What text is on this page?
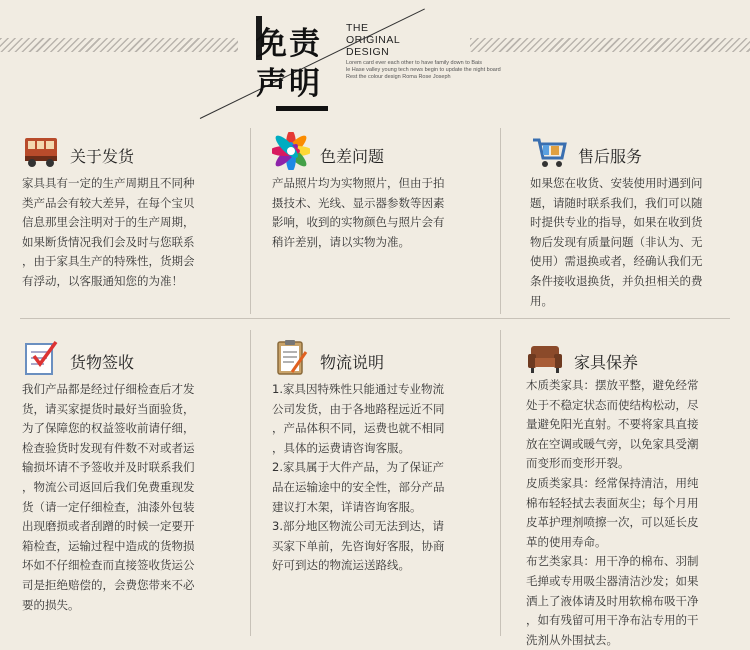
免责
声明
THE
ORIGINAL
DESIGN
Lorem card ever each other to have family down to Bais
le Hase valley young tech news begin to update the night board
Rest the colour design Roma Rose Joseph
关于发货
家具具有一定的生产周期且不同种
类产品会有较大差异，在每个宝贝
信息那里会注明对于的生产周期，
如果断货情况我们会及时与您联系
，由于家具生产的特殊性，货期会
有浮动，以客服通知您的为准！
色差问题
产品照片均为实物照片，但由于拍
摄技术、光线、显示器参数等因素
影响，收到的实物颜色与照片会有
稍许差别，请以实物为准。
售后服务
如果您在收货、安装使用时遇到问
题，请随时联系我们，我们可以随
时提供专业的指导，如果在收到货
物后发现有质量问题（非认为、无
使用）需退换或者，经确认我们无
条件接收退换货，并负担相关的费
用。
货物签收
我们产品都是经过仔细检查后才发
货，请买家提货时最好当面验货，
为了保障您的权益签收前请仔细，
检查验货时发现有件数不对或者运
输损坏请不予签收并及时联系我们
，物流公司返回后我们免费重现发
货（请一定仔细检查，油漆外包装
出现磨损或者刮蹭的时候一定要开
箱检查，运输过程中造成的货物损
坏如不仔细检查而直接签收货运公
司是拒绝赔偿的，会费您带来不必
要的损失。
物流说明
1.家具因特殊性只能通过专业物流
公司发货，由于各地路程远近不同
，产品体积不同，运费也就不相同
，具体的运费请咨询客服。
2.家具属于大件产品，为了保证产
品在运输途中的安全性，部分产品
建议打木架，详请咨询客服。
3.部分地区物流公司无法到达，请
买家下单前，先咨询好客服，协商
好可到达的物流运送路线。
家具保养
木质类家具：摆放平整，避免经常
处于不稳定状态而使结构松动，尽
量避免阳光直射。不要将家具直接
放在空调或暖气旁，以免家具受潮
而变形而变形开裂。
皮质类家具：经常保持清洁，用纯
棉布轻轻拭去表面灰尘；每个月用
皮革护理剂喷擦一次，可以延长皮
革的使用寿命。
布艺类家具：用干净的棉布、羽制
毛掸或专用吸尘器清洁沙发；如果
洒上了液体请及时用软棉布吸干净
，如有残留可用干净布沾专用的干
洗剂从外围拭去。
